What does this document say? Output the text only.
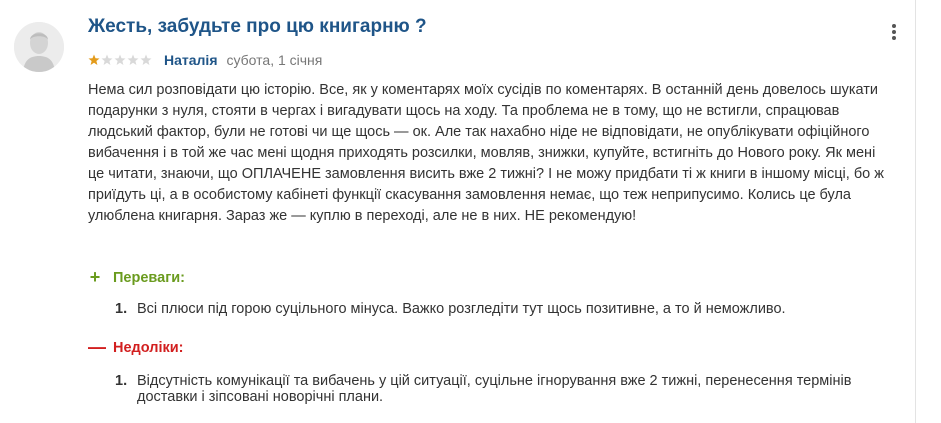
Жесть, забудьте про цю книгарню ?
Наталія субота, 1 січня
Нема сил розповідати цю історію. Все, як у коментарях моїх сусідів по коментарях. В останній день довелось шукати подарунки з нуля, стояти в чергах і вигадувати щось на ходу. Та проблема не в тому, що не встигли, спрацював людський фактор, були не готові чи ще щось — ок. Але так нахабно ніде не відповідати, не опублікувати офіційного вибачення і в той же час мені щодня приходять розсилки, мовляв, знижки, купуйте, встигніть до Нового року. Як мені це читати, знаючи, що ОПЛАЧЕНЕ замовлення висить вже 2 тижні? І не можу придбати ті ж книги в іншому місці, бо ж приїдуть ці, а в особистому кабінеті функції скасування замовлення немає, що теж неприпусимо. Колись це була улюблена книгарня. Зараз же — куплю в переході, але не в них. НЕ рекомендую!
+ Переваги:
1. Всі плюси під горою суцільного мінуса. Важко розгледіти тут щось позитивне, а то й неможливо.
— Недоліки:
1. Відсутність комунікації та вибачень у цій ситуації, суцільне ігнорування вже 2 тижні, перенесення термінів доставки і зіпсовані новорічні плани.
